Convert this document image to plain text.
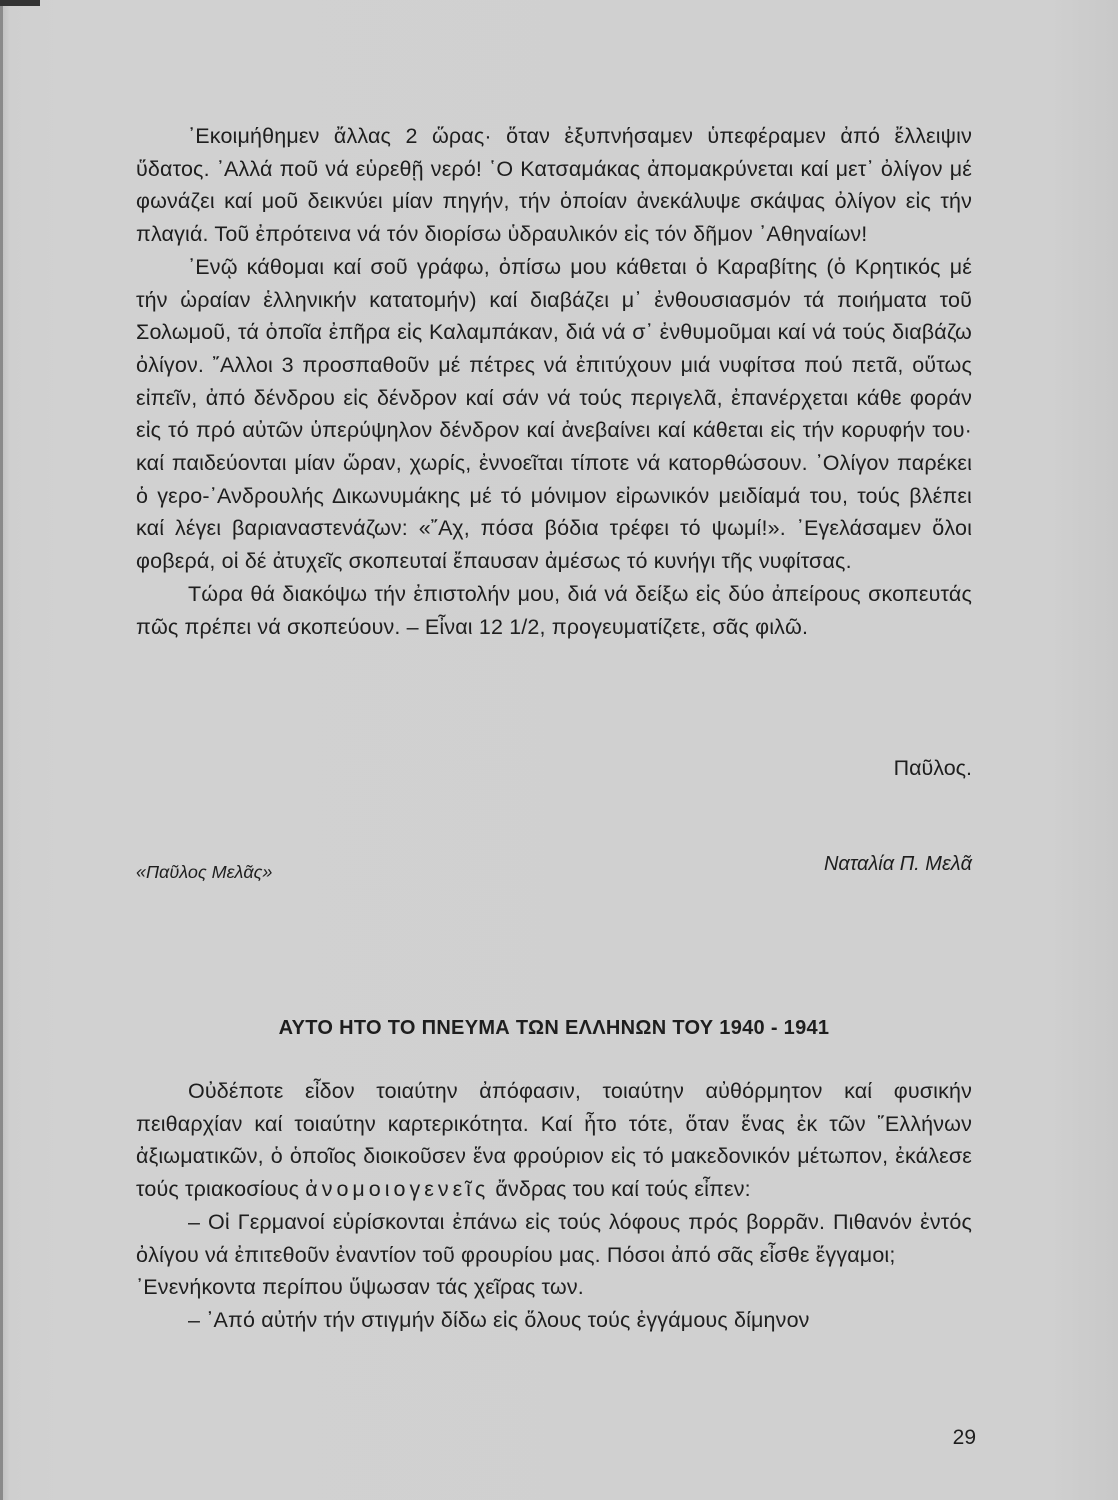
᾿Εκοιμήθημεν ἄλλας 2 ὥρας· ὅταν ἐξυπνήσαμεν ὑπεφέραμεν ἀπό ἔλλειψιν ὕδατος. ᾿Αλλά ποῦ νά εὑρεθῇ νερό! ῾Ο Κατσαμάκας ἀπομακρύνεται καί μετ᾿ ὀλίγον μέ φωνάζει καί μοῦ δεικνύει μίαν πηγήν, τήν ὁποίαν ἀνεκάλυψε σκάψας ὀλίγον εἰς τήν πλαγιά. Τοῦ ἐπρότεινα νά τόν διορίσω ὑδραυλικόν εἰς τόν δῆμον ᾿Αθηναίων!

᾿Ενῷ κάθομαι καί σοῦ γράφω, ὀπίσω μου κάθεται ὁ Καραβίτης (ὁ Κρητικός μέ τήν ὡραίαν ἑλληνικήν κατατομήν) καί διαβάζει μ᾿ ἐνθουσιασμόν τά ποιήματα τοῦ Σολωμοῦ, τά ὁποῖα ἐπῆρα εἰς Καλαμπάκαν, διά νά σ᾿ ἐνθυμοῦμαι καί νά τούς διαβάζω ὀλίγον. ῎Αλλοι 3 προσπαθοῦν μέ πέτρες νά ἐπιτύχουν μιά νυφίτσα πού πετᾶ, οὕτως εἰπεῖν, ἀπό δένδρου εἰς δένδρον καί σάν νά τούς περιγελᾶ, ἐπανέρχεται κάθε φοράν εἰς τό πρό αὐτῶν ὑπερύψηλον δένδρον καί ἀνεβαίνει καί κάθεται εἰς τήν κορυφήν του· καί παιδεύονται μίαν ὥραν, χωρίς, ἐννοεῖται τίποτε νά κατορθώσουν. ᾿Ολίγον παρέκει ὁ γερο-᾿Ανδρουλής Δικωνυμάκης μέ τό μόνιμον εἰρωνικόν μειδίαμά του, τούς βλέπει καί λέγει βαριαναστενάζων: «῎Αχ, πόσα βόδια τρέφει τό ψωμί!». ᾿Εγελάσαμεν ὅλοι φοβερά, οἱ δέ ἀτυχεῖς σκοπευταί ἔπαυσαν ἀμέσως τό κυνήγι τῆς νυφίτσας.

Τώρα θά διακόψω τήν ἐπιστολήν μου, διά νά δείξω εἰς δύο ἀπείρους σκοπευτάς πῶς πρέπει νά σκοπεύουν. – Εἶναι 12 1/2, προγευματίζετε, σᾶς φιλῶ.

Παῦλος.
«Παῦλος Μελᾶς»	Ναταλία Π. Μελᾶ
ΑΥΤΟ ΗΤΟ ΤΟ ΠΝΕΥΜΑ ΤΩΝ ΕΛΛΗΝΩΝ ΤΟΥ 1940 - 1941

Οὐδέποτε εἶδον τοιαύτην ἀπόφασιν, τοιαύτην αὐθόρμητον καί φυσικήν πειθαρχίαν καί τοιαύτην καρτερικότητα. Καί ἦτο τότε, ὅταν ἕνας ἐκ τῶν ῞Ελλήνων ἀξιωματικῶν, ὁ ὁποῖος διοικοῦσεν ἕνα φρούριον εἰς τό μακεδονικόν μέτωπον, ἐκάλεσε τούς τριακοσίους ἀνομοιογενεῖς ἄνδρας του καί τούς εἶπεν:

– Οἱ Γερμανοί εὑρίσκονται ἐπάνω εἰς τούς λόφους πρός βορρᾶν. Πιθανόν ἐντός ὀλίγου νά ἐπιτεθοῦν ἐναντίον τοῦ φρουρίου μας. Πόσοι ἀπό σᾶς εἶσθε ἔγγαμοι;

᾿Ενενήκοντα περίπου ὕψωσαν τάς χεῖρας των.

– ᾿Από αὐτήν τήν στιγμήν δίδω εἰς ὅλους τούς ἐγγάμους δίμηνον

29
